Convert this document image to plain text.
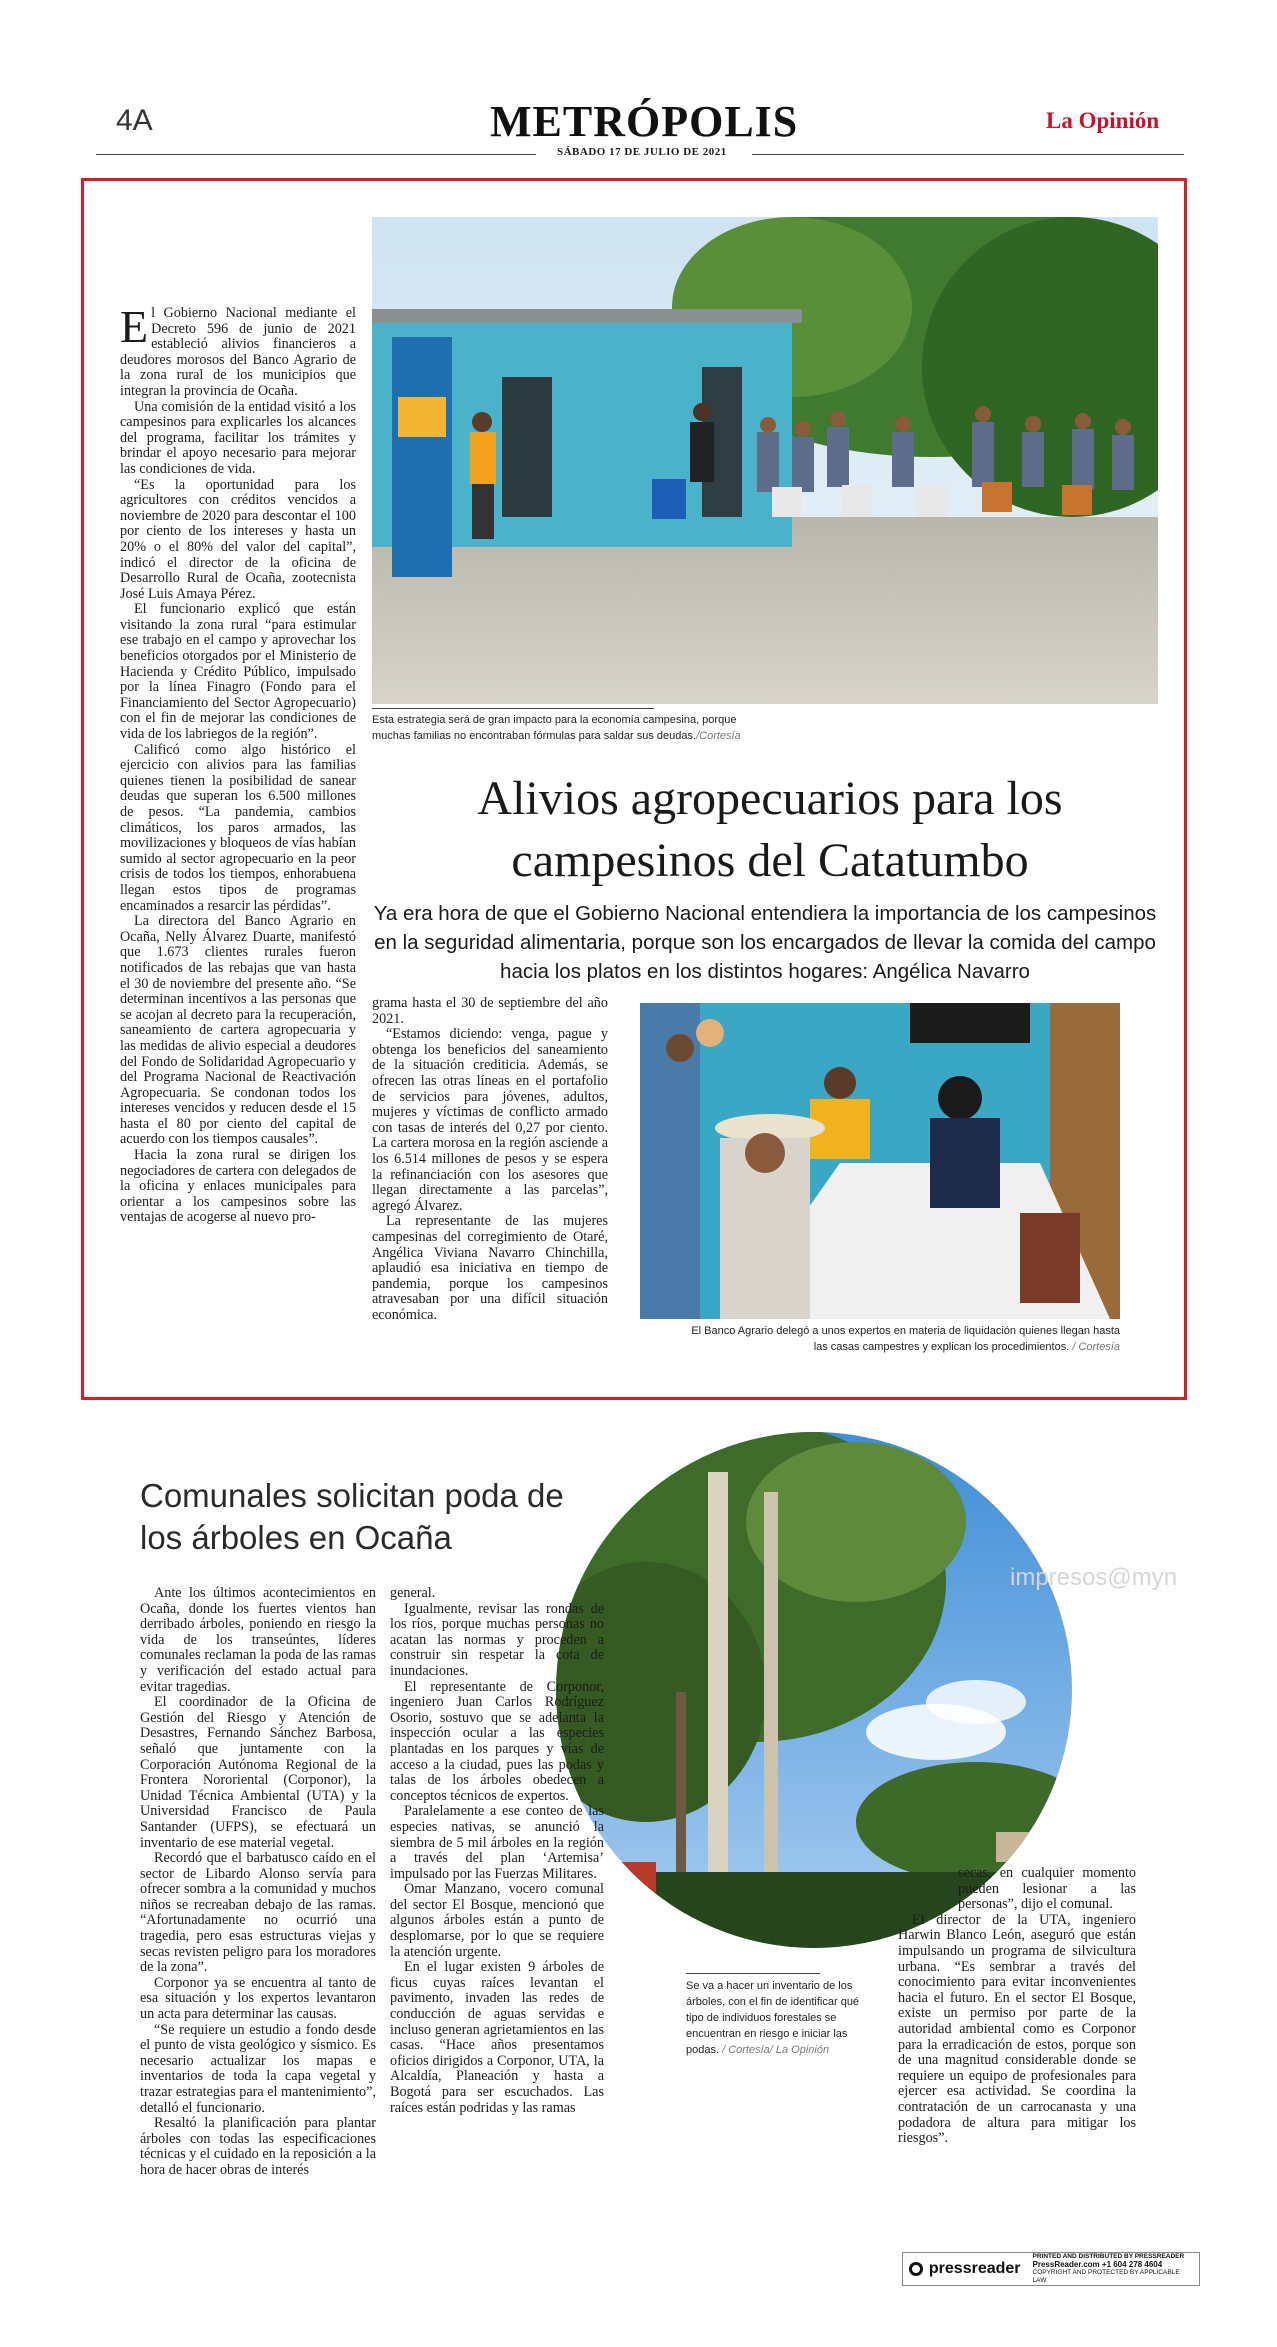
4A	METRÓPOLIS	La Opinión
SÁBADO 17 DE JULIO DE 2021
Esta estrategia será de gran impacto para la economía campesina, porque muchas familias no encontraban fórmulas para saldar sus deudas./Cortesía
Alivios agropecuarios para los campesinos del Catatumbo
Ya era hora de que el Gobierno Nacional entendiera la importancia de los campesinos en la seguridad alimentaria, porque son los encargados de llevar la comida del campo hacia los platos en los distintos hogares: Angélica Navarro

El Gobierno Nacional mediante el Decreto 596 de junio de 2021 estableció alivios financieros a deudores morosos del Banco Agrario de la zona rural de los municipios que integran la provincia de Ocaña.

Una comisión de la entidad visitó a los campesinos para explicarles los alcances del programa, facilitar los trámites y brindar el apoyo necesario para mejorar las condiciones de vida.

“Es la oportunidad para los agricultores con créditos vencidos a noviembre de 2020 para descontar el 100 por ciento de los intereses y hasta un 20% o el 80% del valor del capital”, indicó el director de la oficina de Desarrollo Rural de Ocaña, zootecnista José Luis Amaya Pérez.

El funcionario explicó que están visitando la zona rural “para estimular ese trabajo en el campo y aprovechar los beneficios otorgados por el Ministerio de Hacienda y Crédito Público, impulsado por la línea Finagro (Fondo para el Financiamiento del Sector Agropecuario) con el fin de mejorar las condiciones de vida de los labriegos de la región”.

Calificó como algo histórico el ejercicio con alivios para las familias quienes tienen la posibilidad de sanear deudas que superan los 6.500 millones de pesos. “La pandemia, cambios climáticos, los paros armados, las movilizaciones y bloqueos de vías habían sumido al sector agropecuario en la peor crisis de todos los tiempos, enhorabuena llegan estos tipos de programas encaminados a resarcir las pérdidas”.

La directora del Banco Agrario en Ocaña, Nelly Álvarez Duarte, manifestó que 1.673 clientes rurales fueron notificados de las rebajas que van hasta el 30 de noviembre del presente año. “Se determinan incentivos a las personas que se acojan al decreto para la recuperación, saneamiento de cartera agropecuaria y las medidas de alivio especial a deudores del Fondo de Solidaridad Agropecuario y del Programa Nacional de Reactivación Agropecuaria. Se condonan todos los intereses vencidos y reducen desde el 15 hasta el 80 por ciento del capital de acuerdo con los tiempos causales”.

Hacia la zona rural se dirigen los negociadores de cartera con delegados de la oficina y enlaces municipales para orientar a los campesinos sobre las ventajas de acogerse al nuevo pro-

grama hasta el 30 de septiembre del año 2021.

“Estamos diciendo: venga, pague y obtenga los beneficios del saneamiento de la situación crediticia. Además, se ofrecen las otras líneas en el portafolio de servicios para jóvenes, adultos, mujeres y víctimas de conflicto armado con tasas de interés del 0,27 por ciento. La cartera morosa en la región asciende a los 6.514 millones de pesos y se espera la refinanciación con los asesores que llegan directamente a las parcelas”, agregó Álvarez.

La representante de las mujeres campesinas del corregimiento de Otaré, Angélica Viviana Navarro Chinchilla, aplaudió esa iniciativa en tiempo de pandemia, porque los campesinos atravesaban por una difícil situación económica.

El Banco Agrario delegó a unos expertos en materia de liquidación quienes llegan hasta las casas campestres y explican los procedimientos. / Cortesía
Comunales solicitan poda de los árboles en Ocaña
impresos@myn

Ante los últimos acontecimientos en Ocaña, donde los fuertes vientos han derribado árboles, poniendo en riesgo la vida de los transeúntes, líderes comunales reclaman la poda de las ramas y verificación del estado actual para evitar tragedias.

El coordinador de la Oficina de Gestión del Riesgo y Atención de Desastres, Fernando Sánchez Barbosa, señaló que juntamente con la Corporación Autónoma Regional de la Frontera Nororiental (Corponor), la Unidad Técnica Ambiental (UTA) y la Universidad Francisco de Paula Santander (UFPS), se efectuará un inventario de ese material vegetal.

Recordó que el barbatusco caído en el sector de Libardo Alonso servía para ofrecer sombra a la comunidad y muchos niños se recreaban debajo de las ramas. “Afortunadamente no ocurrió una tragedia, pero esas estructuras viejas y secas revisten peligro para los moradores de la zona”.

Corponor ya se encuentra al tanto de esa situación y los expertos levantaron un acta para determinar las causas.

“Se requiere un estudio a fondo desde el punto de vista geológico y sísmico. Es necesario actualizar los mapas e inventarios de toda la capa vegetal y trazar estrategias para el mantenimiento”, detalló el funcionario.

Resaltó la planificación para plantar árboles con todas las especificaciones técnicas y el cuidado en la reposición a la hora de hacer obras de interés

general.

Igualmente, revisar las rondas de los ríos, porque muchas personas no acatan las normas y proceden a construir sin respetar la cota de inundaciones.

El representante de Corponor, ingeniero Juan Carlos Rodríguez Osorio, sostuvo que se adelanta la inspección ocular a las especies plantadas en los parques y vías de acceso a la ciudad, pues las podas y talas de los árboles obedecen a conceptos técnicos de expertos.

Paralelamente a ese conteo de las especies nativas, se anunció la siembra de 5 mil árboles en la región a través del plan ‘Artemisa’ impulsado por las Fuerzas Militares.

Omar Manzano, vocero comunal del sector El Bosque, mencionó que algunos árboles están a punto de desplomarse, por lo que se requiere la atención urgente.

En el lugar existen 9 árboles de ficus cuyas raíces levantan el pavimento, invaden las redes de conducción de aguas servidas e incluso generan agrietamientos en las casas. “Hace años presentamos oficios dirigidos a Corponor, UTA, la Alcaldía, Planeación y hasta a Bogotá para ser escuchados. Las raíces están podridas y las ramas

Se va a hacer un inventario de los árboles, con el fin de identificar qué tipo de individuos forestales se encuentran en riesgo e iniciar las podas. / Cortesía/ La Opinión

secas, en cualquier momento pueden lesionar a las personas”, dijo el comunal.

El director de la UTA, ingeniero Harwin Blanco León, aseguró que están impulsando un programa de silvicultura urbana. “Es sembrar a través del conocimiento para evitar inconvenientes hacia el futuro. En el sector El Bosque, existe un permiso por parte de la autoridad ambiental como es Corponor para la erradicación de estos, porque son de una magnitud considerable donde se requiere un equipo de profesionales para ejercer esa actividad. Se coordina la contratación de un carrocanasta y una podadora de altura para mitigar los riesgos”.

pressreader
PRINTED AND DISTRIBUTED BY PRESSREADER
PressReader.com +1 604 278 4604
COPYRIGHT AND PROTECTED BY APPLICABLE LAW
